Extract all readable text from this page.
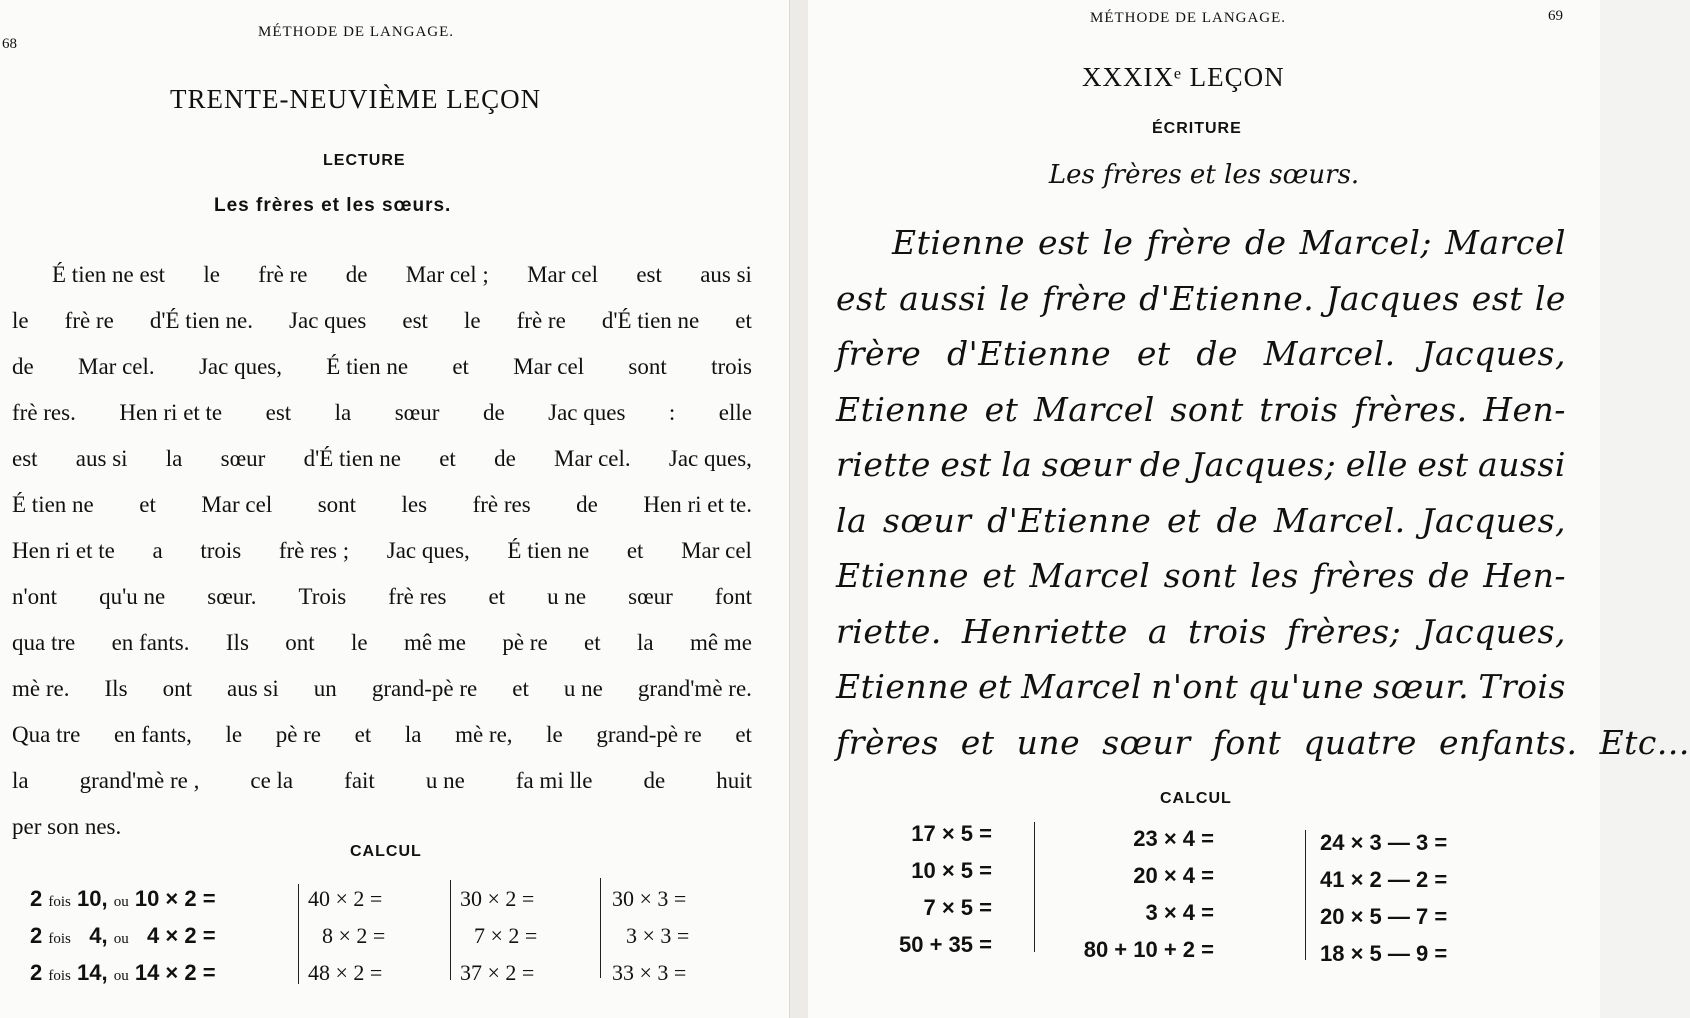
68
MÉTHODE DE LANGAGE.
TRENTE-NEUVIÈME LEÇON
LECTURE
Les frères et les sœurs.
É tien ne est le frè re de Mar cel ; Mar cel est aus si
le frè re d'É tien ne. Jac ques est le frè re d'É tien ne et
de Mar cel. Jac ques, É tien ne et Mar cel sont trois
frè res. Hen ri et te est la sœur de Jac ques : elle
est aus si la sœur d'É tien ne et de Mar cel. Jac ques,
É tien ne et Mar cel sont les frè res de Hen ri et te.
Hen ri et te a trois frè res ; Jac ques, É tien ne et Mar cel
n'ont qu'u ne sœur. Trois frè res et u ne sœur font
qua tre en fants. Ils ont le mê me pè re et la mê me
mè re. Ils ont aus si un grand-pè re et u ne grand'mè re.
Qua tre en fants, le pè re et la mè re, le grand-pè re et
la grand'mè re , ce la fait u ne fa mi lle de huit
per son nes.
CALCUL
2 fois 10, ou 10 × 2 =
2 fois 4, ou 4 × 2 =
2 fois 14, ou 14 × 2 =
40 × 2 =
8 × 2 =
48 × 2 =
30 × 2 =
7 × 2 =
37 × 2 =
30 × 3 =
3 × 3 =
33 × 3 =
MÉTHODE DE LANGAGE.	69
XXXIXᵉ LEÇON
ÉCRITURE
Les frères et les sœurs.
Etienne est le frère de Marcel; Marcel
est aussi le frère d'Etienne. Jacques est le
frère d'Etienne et de Marcel. Jacques,
Etienne et Marcel sont trois frères. Hen-
riette est la sœur de Jacques; elle est aussi
la sœur d'Etienne et de Marcel. Jacques,
Etienne et Marcel sont les frères de Hen-
riette. Henriette a trois frères; Jacques,
Etienne et Marcel n'ont qu'une sœur. Trois
frères et une sœur font quatre enfants. Etc...
CALCUL
17 × 5 =
10 × 5 =
7 × 5 =
50 + 35 =
23 × 4 =
20 × 4 =
3 × 4 =
80 + 10 + 2 =
24 × 3 — 3 =
41 × 2 — 2 =
20 × 5 — 7 =
18 × 5 — 9 =
